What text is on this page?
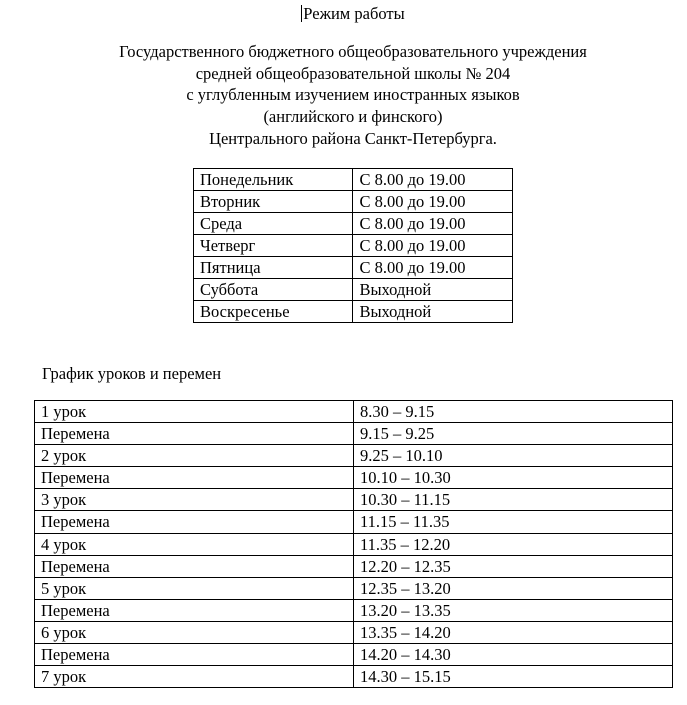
Режим работы
Государственного бюджетного общеобразовательного учреждения
средней общеобразовательной школы № 204
с углубленным изучением иностранных языков
(английского и финского)
Центрального района Санкт-Петербурга.
Понедельник	С 8.00 до 19.00
Вторник	С 8.00 до 19.00
Среда	С 8.00 до 19.00
Четверг	С 8.00 до 19.00
Пятница	С 8.00 до 19.00
Суббота	Выходной
Воскресенье	Выходной
График уроков и перемен
1 урок	8.30 – 9.15
Перемена	9.15 – 9.25
2 урок	9.25 – 10.10
Перемена	10.10 – 10.30
3 урок	10.30 – 11.15
Перемена	11.15 – 11.35
4 урок	11.35 – 12.20
Перемена	12.20 – 12.35
5 урок	12.35 – 13.20
Перемена	13.20 – 13.35
6 урок	13.35 – 14.20
Перемена	14.20 – 14.30
7 урок	14.30 – 15.15
